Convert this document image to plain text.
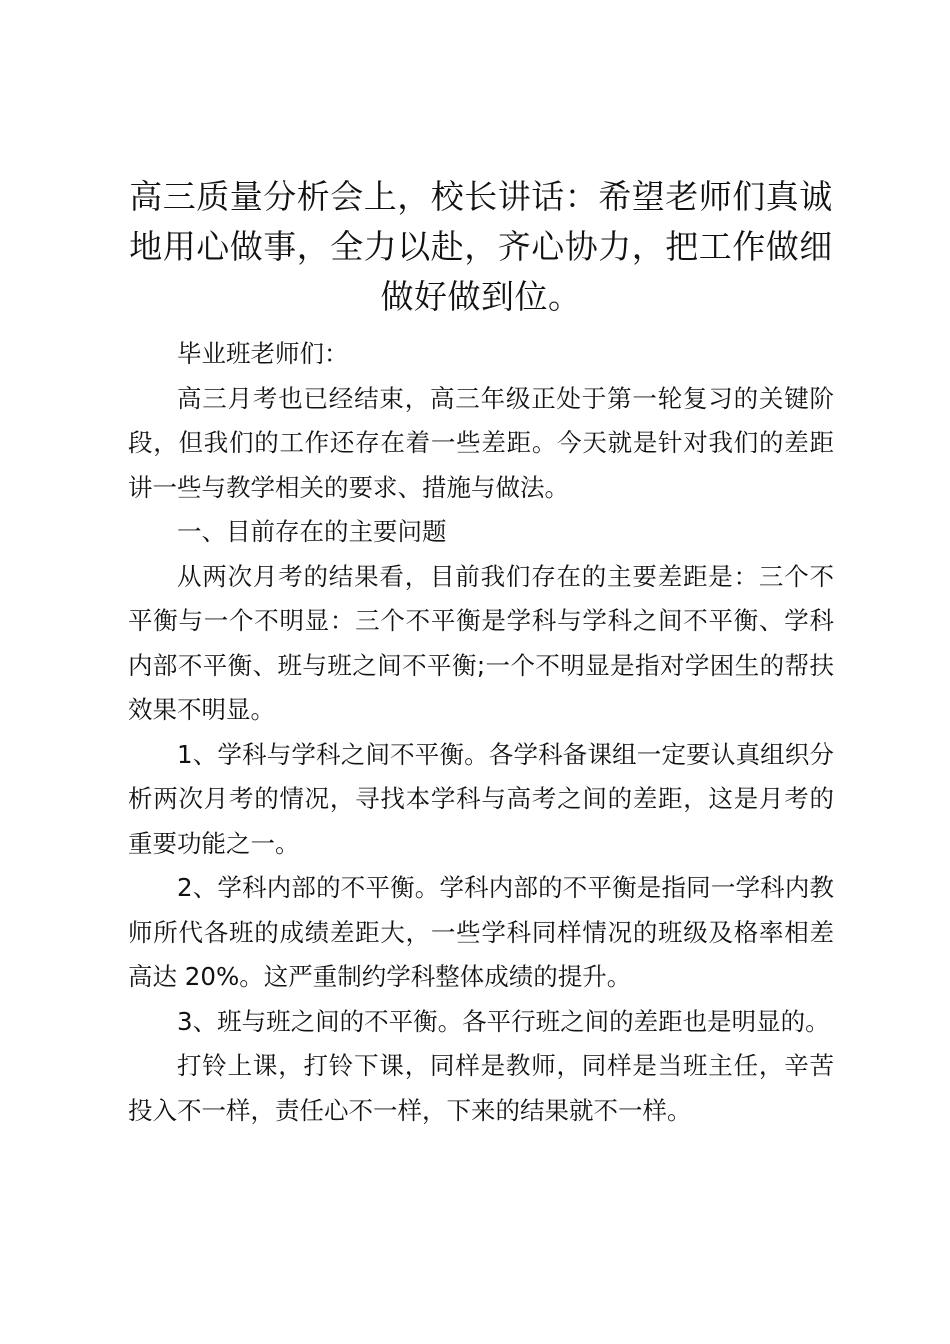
高三质量分析会上，校长讲话：希望老师们真诚地用心做事，全力以赴，齐心协力，把工作做细做好做到位。

毕业班老师们：

高三月考也已经结束，高三年级正处于第一轮复习的关键阶段，但我们的工作还存在着一些差距。今天就是针对我们的差距讲一些与教学相关的要求、措施与做法。

一、目前存在的主要问题

从两次月考的结果看，目前我们存在的主要差距是：三个不平衡与一个不明显：三个不平衡是学科与学科之间不平衡、学科内部不平衡、班与班之间不平衡;一个不明显是指对学困生的帮扶效果不明显。

1、学科与学科之间不平衡。各学科备课组一定要认真组织分析两次月考的情况，寻找本学科与高考之间的差距，这是月考的重要功能之一。

2、学科内部的不平衡。学科内部的不平衡是指同一学科内教师所代各班的成绩差距大，一些学科同样情况的班级及格率相差高达 20%。这严重制约学科整体成绩的提升。

3、班与班之间的不平衡。各平行班之间的差距也是明显的。

打铃上课，打铃下课，同样是教师，同样是当班主任，辛苦投入不一样，责任心不一样，下来的结果就不一样。
